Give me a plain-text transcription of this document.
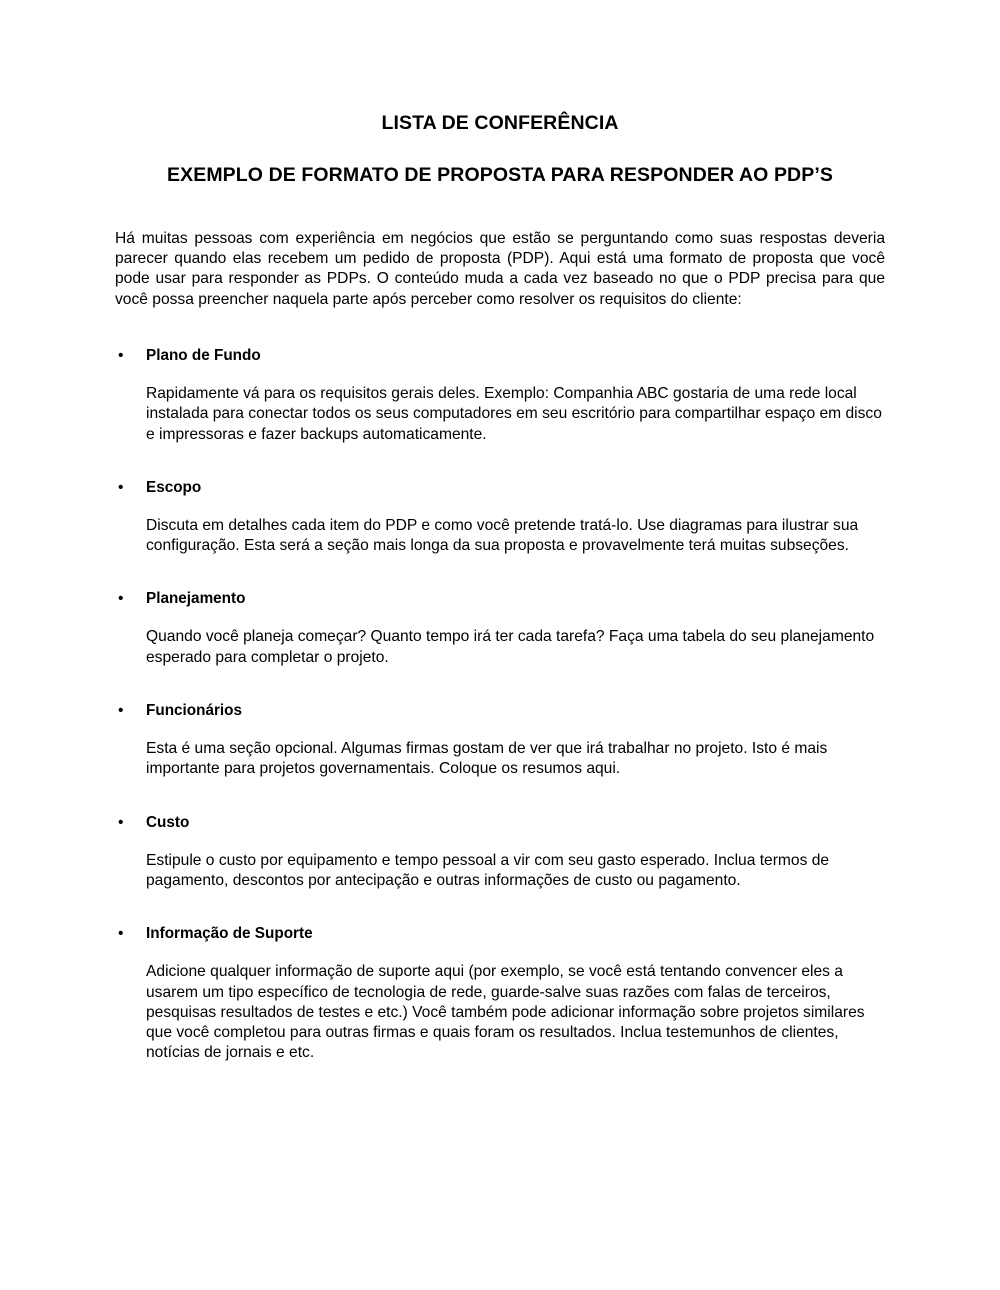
LISTA DE CONFERÊNCIA
EXEMPLO DE FORMATO DE PROPOSTA PARA RESPONDER AO PDP’S

Há muitas pessoas com experiência em negócios que estão se perguntando como suas respostas deveria parecer quando elas recebem um pedido de proposta (PDP). Aqui está uma formato de proposta que você pode usar para responder as PDPs. O conteúdo muda a cada vez baseado no que o PDP precisa para que você possa preencher naquela parte após perceber como resolver os requisitos do cliente:

•	Plano de Fundo

Rapidamente vá para os requisitos gerais deles. Exemplo: Companhia ABC gostaria de uma rede local instalada para conectar todos os seus computadores em seu escritório para compartilhar espaço em disco e impressoras e fazer backups automaticamente.

•	Escopo

Discuta em detalhes cada item do PDP e como você pretende tratá-lo. Use diagramas para ilustrar sua configuração. Esta será a seção mais longa da sua proposta e provavelmente terá muitas subseções.

•	Planejamento

Quando você planeja começar? Quanto tempo irá ter cada tarefa? Faça uma tabela do seu planejamento esperado para completar o projeto.

•	Funcionários

Esta é uma seção opcional. Algumas firmas gostam de ver que irá trabalhar no projeto. Isto é mais importante para projetos governamentais. Coloque os resumos aqui.

•	Custo

Estipule o custo por equipamento e tempo pessoal a vir com seu gasto esperado. Inclua termos de pagamento, descontos por antecipação e outras informações de custo ou pagamento.

•	Informação de Suporte

Adicione qualquer informação de suporte aqui (por exemplo, se você está tentando convencer eles a usarem um tipo específico de tecnologia de rede, guarde-salve suas razões com falas de terceiros, pesquisas resultados de testes e etc.) Você também pode adicionar informação sobre projetos similares que você completou para outras firmas e quais foram os resultados. Inclua testemunhos de clientes, notícias de jornais e etc.
